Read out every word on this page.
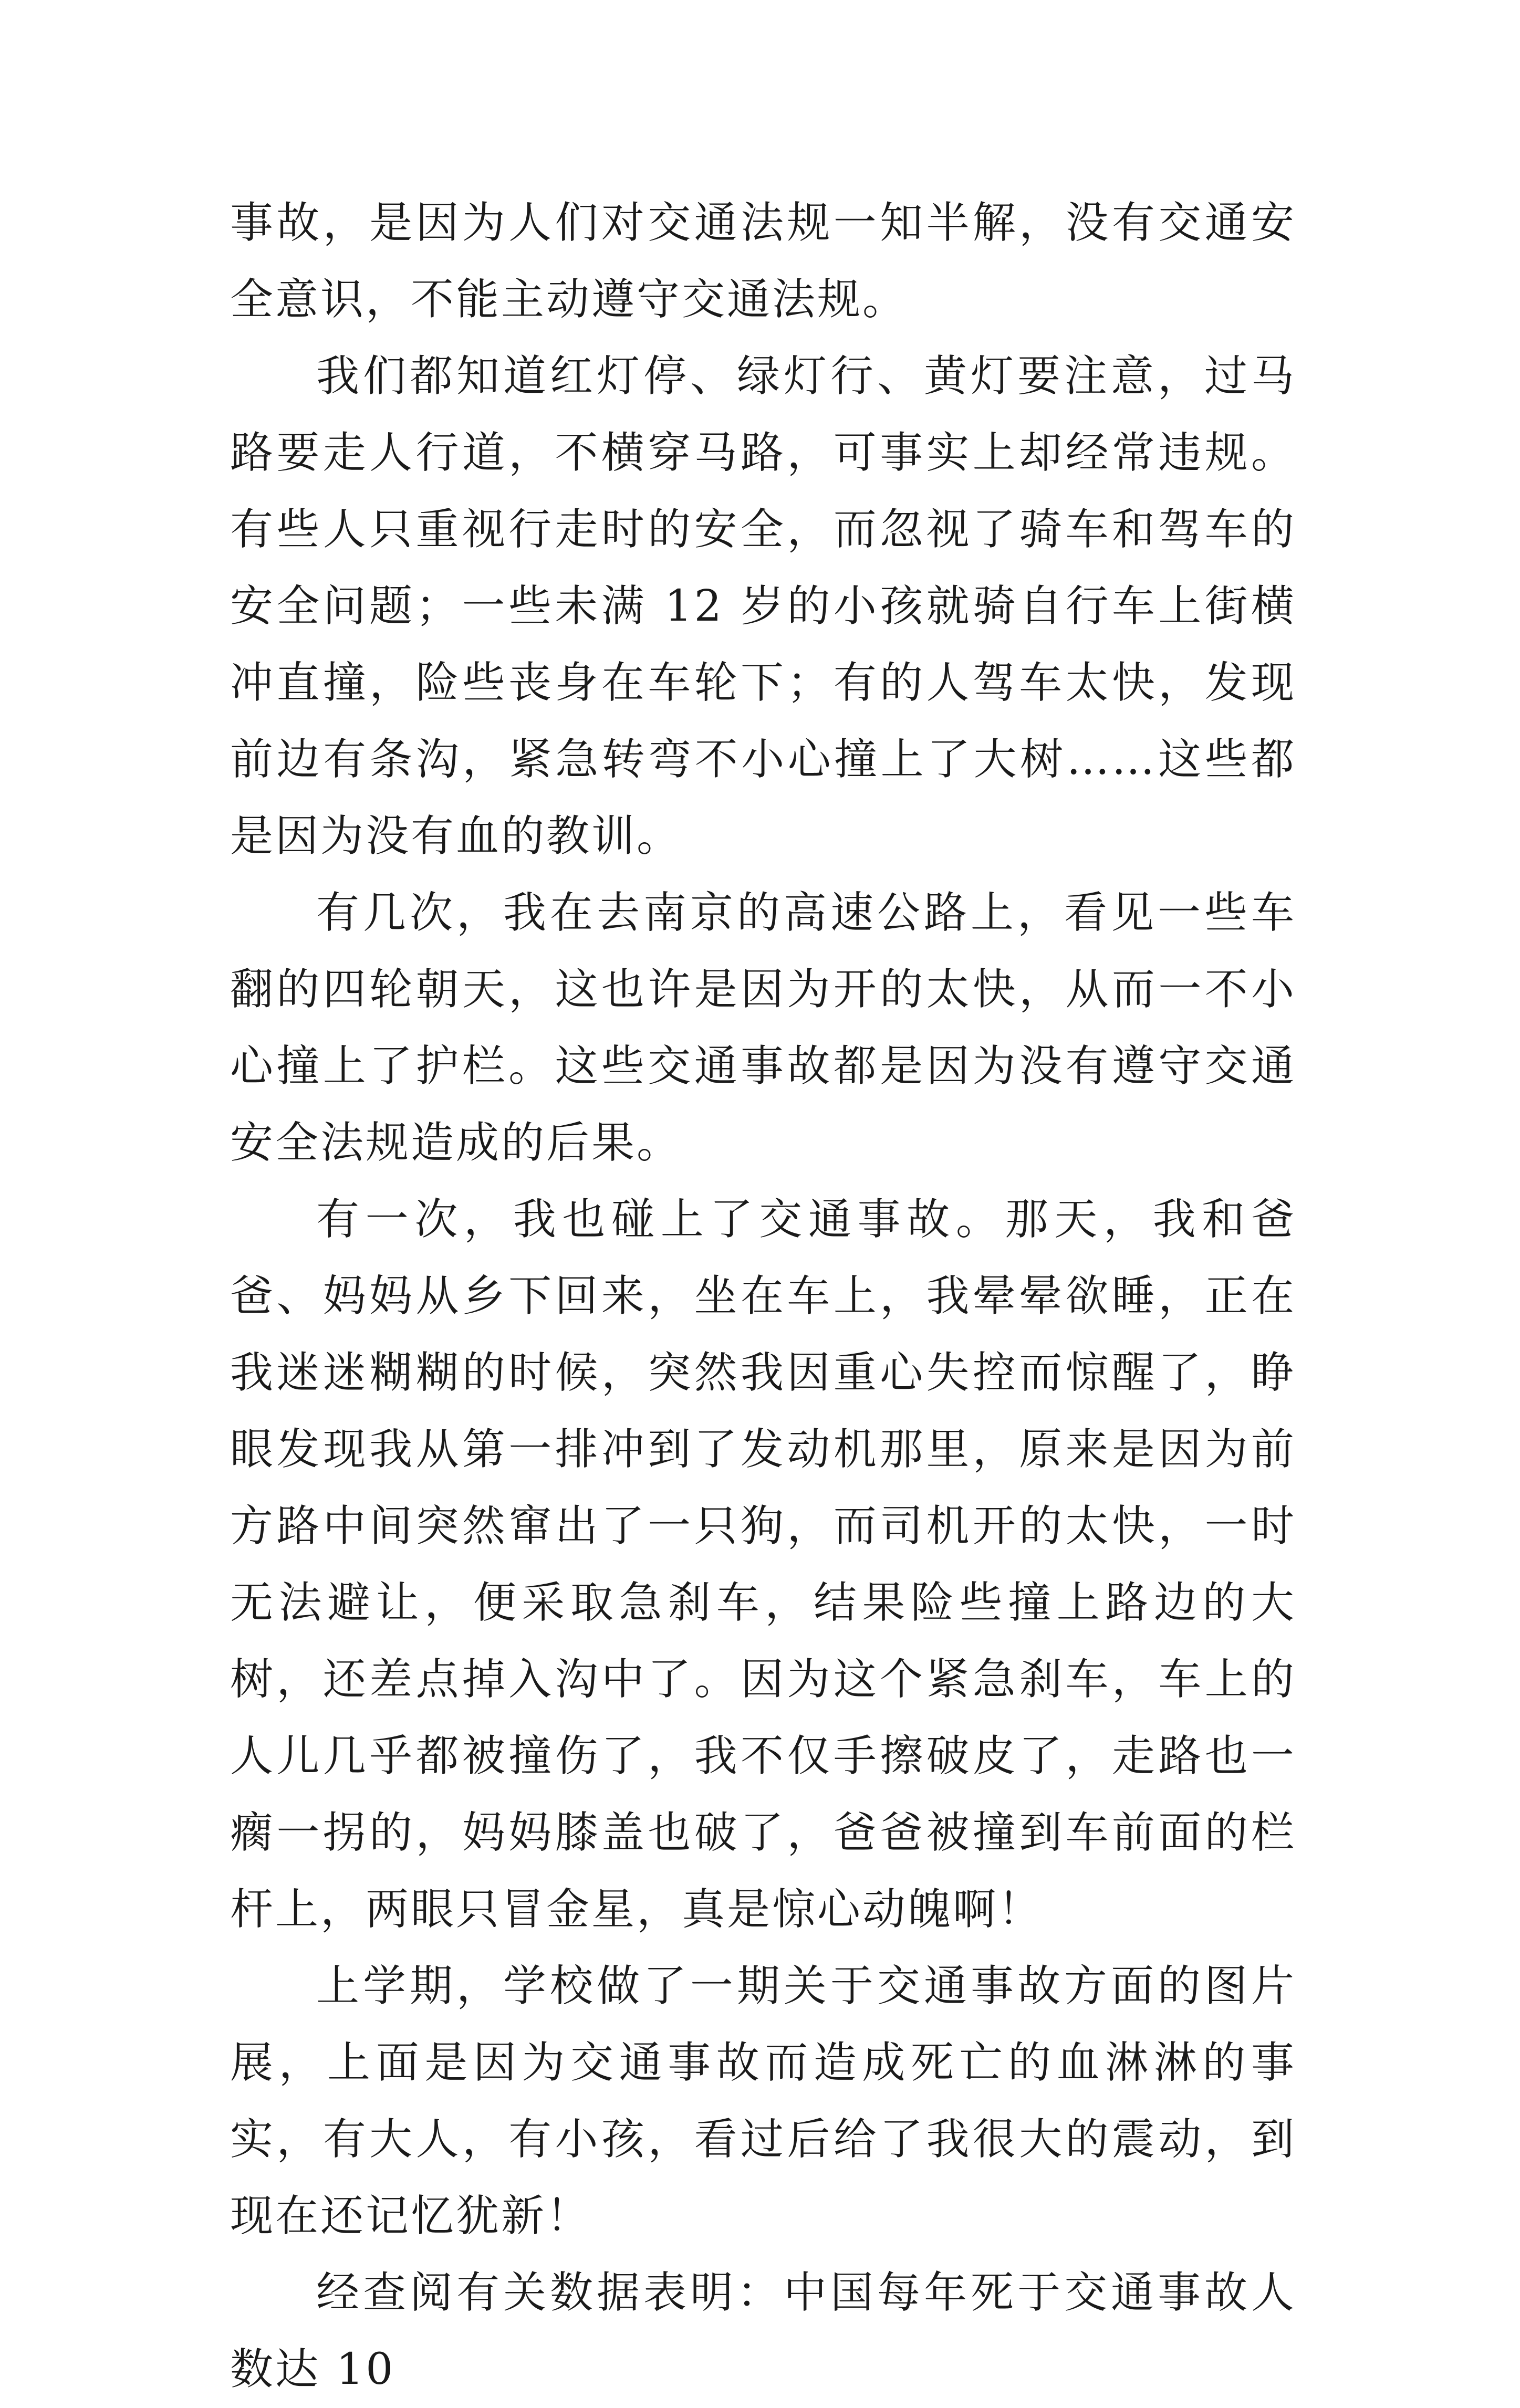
事故，是因为人们对交通法规一知半解，没有交通安全意识，不能主动遵守交通法规。

我们都知道红灯停、绿灯行、黄灯要注意，过马路要走人行道，不横穿马路，可事实上却经常违规。有些人只重视行走时的安全，而忽视了骑车和驾车的安全问题；一些未满 12 岁的小孩就骑自行车上街横冲直撞，险些丧身在车轮下；有的人驾车太快，发现前边有条沟，紧急转弯不小心撞上了大树……这些都是因为没有血的教训。

有几次，我在去南京的高速公路上，看见一些车翻的四轮朝天，这也许是因为开的太快，从而一不小心撞上了护栏。这些交通事故都是因为没有遵守交通安全法规造成的后果。

有一次，我也碰上了交通事故。那天，我和爸爸、妈妈从乡下回来，坐在车上，我晕晕欲睡，正在我迷迷糊糊的时候，突然我因重心失控而惊醒了，睁眼发现我从第一排冲到了发动机那里，原来是因为前方路中间突然窜出了一只狗，而司机开的太快，一时无法避让，便采取急刹车，结果险些撞上路边的大树，还差点掉入沟中了。因为这个紧急刹车，车上的人儿几乎都被撞伤了，我不仅手擦破皮了，走路也一瘸一拐的，妈妈膝盖也破了，爸爸被撞到车前面的栏杆上，两眼只冒金星，真是惊心动魄啊！

上学期，学校做了一期关于交通事故方面的图片展，上面是因为交通事故而造成死亡的血淋淋的事实，有大人，有小孩，看过后给了我很大的震动，到现在还记忆犹新！

经查阅有关数据表明：中国每年死于交通事故人数达 10
